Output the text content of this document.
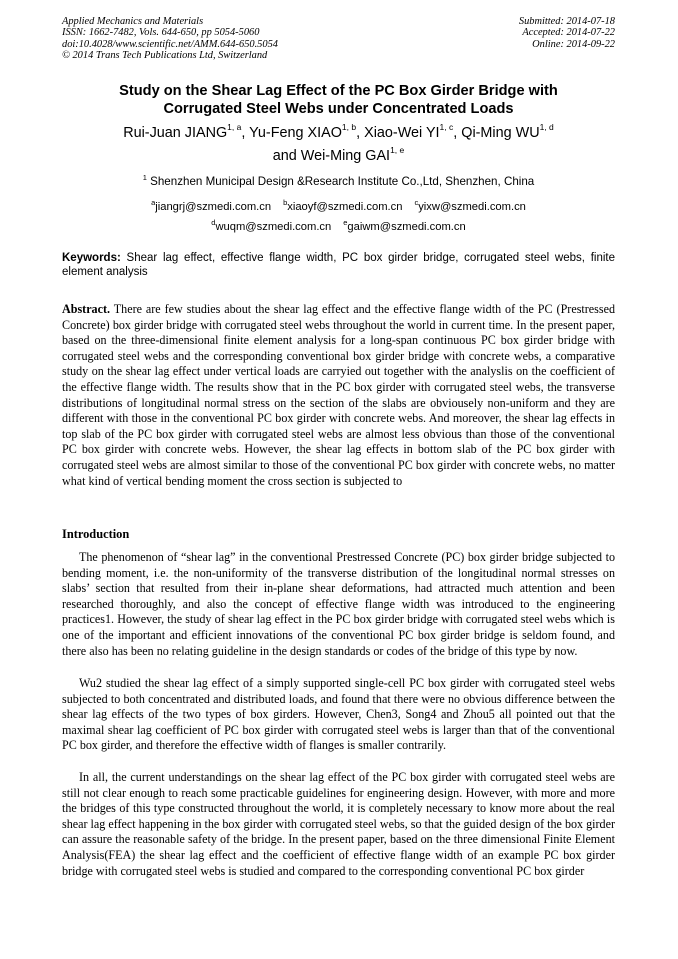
Applied Mechanics and Materials
ISSN: 1662-7482, Vols. 644-650, pp 5054-5060
doi:10.4028/www.scientific.net/AMM.644-650.5054
© 2014 Trans Tech Publications Ltd, Switzerland
Submitted: 2014-07-18
Accepted: 2014-07-22
Online: 2014-09-22
Study on the Shear Lag Effect of the PC Box Girder Bridge with
Corrugated Steel Webs under Concentrated Loads
Rui-Juan JIANG$^{1, a}$, Yu-Feng XIAO$^{1, b}$, Xiao-Wei YI$^{1, c}$, Qi-Ming WU$^{1, d}$
and Wei-Ming GAI$^{1, e}$
$^1$ Shenzhen Municipal Design &Research Institute Co.,Ltd, Shenzhen, China
$^a$jiangrj@szmedi.com.cn $^b$xiaoyf@szmedi.com.cn $^c$yixw@szmedi.com.cn
$^d$wuqm@szmedi.com.cn $^e$gaiwm@szmedi.com.cn
Keywords: Shear lag effect, effective flange width, PC box girder bridge, corrugated steel webs, finite element analysis
Abstract. There are few studies about the shear lag effect and the effective flange width of the PC (Prestressed Concrete) box girder bridge with corrugated steel webs throughout the world in current time. In the present paper, based on the three-dimensional finite element analysis for a long-span continuous PC box girder bridge with corrugated steel webs and the corresponding conventional box girder bridge with concrete webs, a comparative study on the shear lag effect under vertical loads are carryied out together with the analyslis on the coefficient of the effective flange width. The results show that in the PC box girder with corrugated steel webs, the transverse distributions of longitudinal normal stress on the section of the slabs are obviousely non-uniform and they are different with those in the conventional PC box girder with concrete webs. And moreover, the shear lag effects in top slab of the PC box girder with corrugated steel webs are almost less obvious than those of the conventional PC box girder with concrete webs. However, the shear lag effects in bottom slab of the PC box girder with corrugated steel webs are almost similar to those of the conventional PC box girder with concrete webs, no matter what kind of vertical bending moment the cross section is subjected to
Introduction
The phenomenon of “shear lag” in the conventional Prestressed Concrete (PC) box girder bridge subjected to bending moment, i.e. the non-uniformity of the transverse distribution of the longitudinal normal stresses on slabs’ section that resulted from their in-plane shear deformations, had attracted much attention and been researched thoroughly, and also the concept of effective flange width was introduced to the engineering practices1. However, the study of shear lag effect in the PC box girder bridge with corrugated steel webs which is one of the important and efficient innovations of the conventional PC box girder bridge is seldom found, and there also has been no relating guideline in the design standards or codes of the bridge of this type by now.
Wu2 studied the shear lag effect of a simply supported single-cell PC box girder with corrugated steel webs subjected to both concentrated and distributed loads, and found that there were no obvious difference between the shear lag effects of the two types of box girders. However, Chen3, Song4 and Zhou5 all pointed out that the maximal shear lag coefficient of PC box girder with corrugated steel webs is larger than that of the conventional PC box girder, and therefore the effective width of flanges is smaller contrarily.
In all, the current understandings on the shear lag effect of the PC box girder with corrugated steel webs are still not clear enough to reach some practicable guidelines for engineering design. However, with more and more the bridges of this type constructed throughout the world, it is completely necessary to know more about the real shear lag effect happening in the box girder with corrugated steel webs, so that the guided design of the box girder can assure the reasonable safety of the bridge. In the present paper, based on the three dimensional Finite Element Analysis(FEA) the shear lag effect and the coefficient of effective flange width of an example PC box girder bridge with corrugated steel webs is studied and compared to the corresponding conventional PC box girder
